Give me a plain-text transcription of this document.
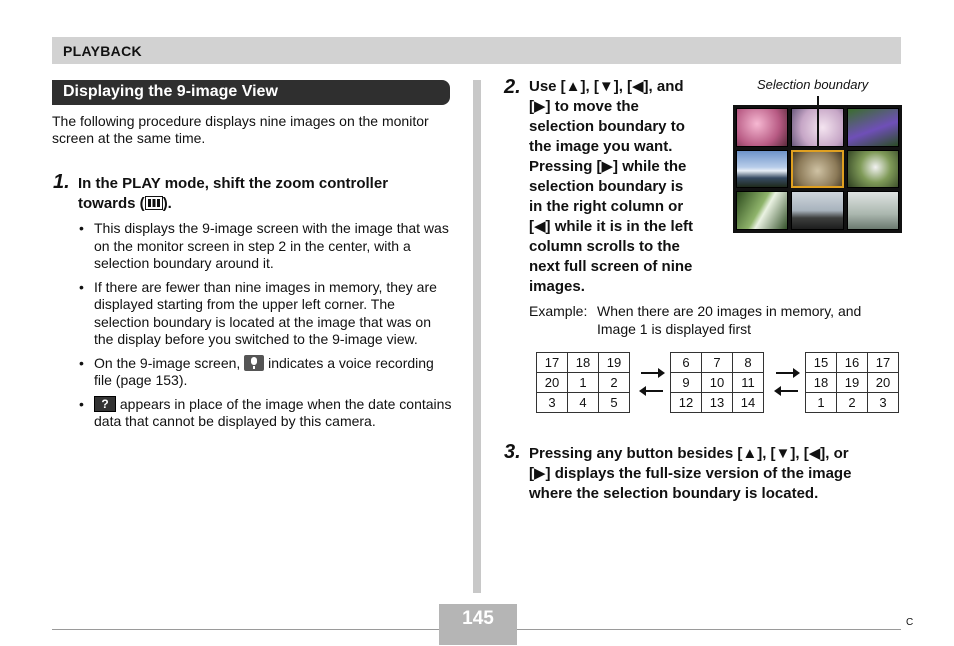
PLAYBACK
Displaying the 9-image View

The following procedure displays nine images on the monitor screen at the same time.

1. In the PLAY mode, shift the zoom controller
towards ( ).
• This displays the 9-image screen with the image that was on the monitor screen in step 2 in the center, with a selection boundary around it.
• If there are fewer than nine images in memory, they are displayed starting from the upper left corner. The selection boundary is located at the image that was on the display before you switched to the 9-image view.
• On the 9-image screen, indicates a voice recording file (page 153).
• ? appears in place of the image when the date contains data that cannot be displayed by this camera.
2. Use [▲], [▼], [◀], and
[▶] to move the
selection boundary to
the image you want.
Pressing [▶] while the
selection boundary is
in the right column or
[◀] while it is in the left
column scrolls to the
next full screen of nine
images.
Selection boundary
Example: When there are 20 images in memory, and
Image 1 is displayed first
17	18	19
20	1	2
3	4	5
6	7	8
9	10	11
12	13	14
15	16	17
18	19	20
1	2	3
3. Pressing any button besides [▲], [▼], [◀], or
[▶] displays the full-size version of the image
where the selection boundary is located.
145	C
